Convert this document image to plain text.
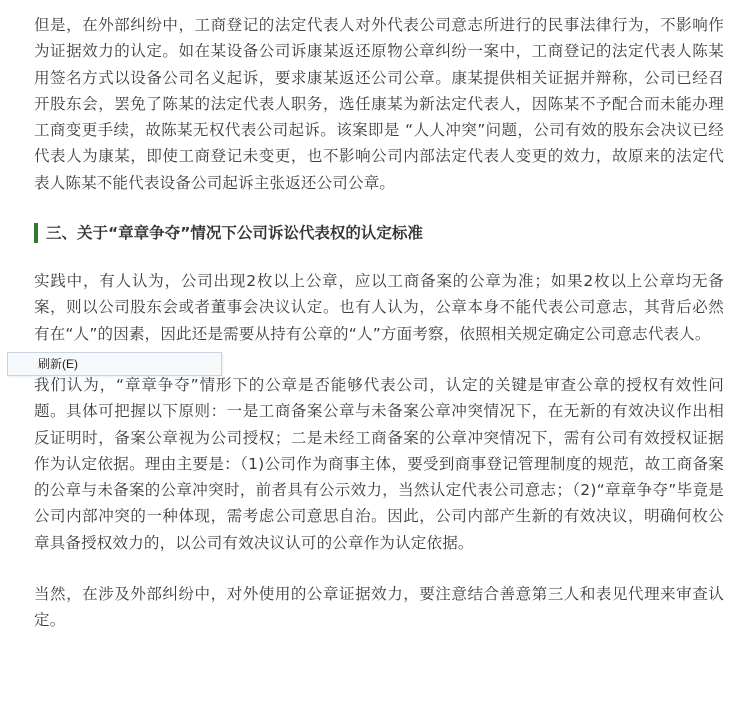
但是，在外部纠纷中，工商登记的法定代表人对外代表公司意志所进行的民事法律行为，不影响作为证据效力的认定。如在某设备公司诉康某返还原物公章纠纷一案中，工商登记的法定代表人陈某用签名方式以设备公司名义起诉，要求康某返还公司公章。康某提供相关证据并辩称，公司已经召开股东会，罢免了陈某的法定代表人职务，选任康某为新法定代表人，因陈某不予配合而未能办理工商变更手续，故陈某无权代表公司起诉。该案即是 “人人冲突”问题，公司有效的股东会决议已经代表人为康某，即使工商登记未变更，也不影响公司内部法定代表人变更的效力，故原来的法定代表人陈某不能代表设备公司起诉主张返还公司公章。

三、关于“章章争夺”情况下公司诉讼代表权的认定标准

实践中，有人认为，公司出现2枚以上公章，应以工商备案的公章为准；如果2枚以上公章均无备案，则以公司股东会或者董事会决议认定。也有人认为，公章本身不能代表公司意志，其背后必然有在“人”的因素，因此还是需要从持有公章的“人”方面考察，依照相关规定确定公司意志代表人。

我们认为，“章章争夺”情形下的公章是否能够代表公司，认定的关键是审查公章的授权有效性问题。具体可把握以下原则：一是工商备案公章与未备案公章冲突情况下，在无新的有效决议作出相反证明时，备案公章视为公司授权；二是未经工商备案的公章冲突情况下，需有公司有效授权证据作为认定依据。理由主要是：（1)公司作为商事主体，要受到商事登记管理制度的规范，故工商备案的公章与未备案的公章冲突时，前者具有公示效力，当然认定代表公司意志；（2)“章章争夺”毕竟是公司内部冲突的一种体现，需考虑公司意思自治。因此，公司内部产生新的有效决议，明确何枚公章具备授权效力的，以公司有效决议认可的公章作为认定依据。

当然，在涉及外部纠纷中，对外使用的公章证据效力，要注意结合善意第三人和表见代理来审查认定。

刷新(E)
